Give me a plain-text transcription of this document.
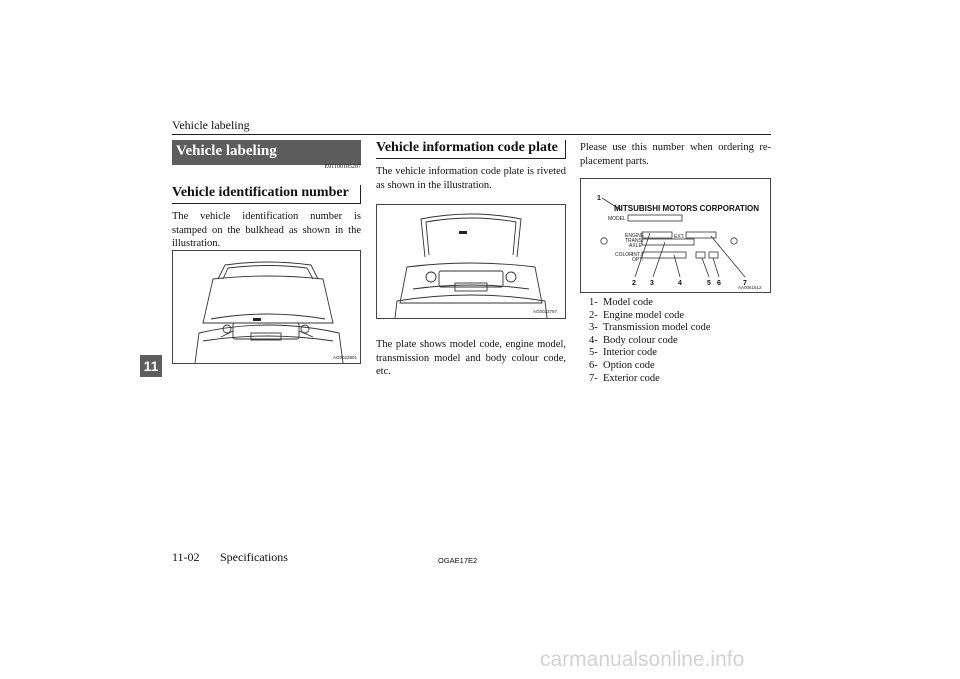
Vehicle labeling
Vehicle labeling
E01100105207
Vehicle identification number
The vehicle identification number is stamped on the bulkhead as shown in the illustration.
AG0023801
Vehicle information code plate
The vehicle information code plate is riveted as shown in the illustration.
AG0023797
The plate shows model code, engine model, transmission model and body colour code, etc.
Please use this number when ordering re- placement parts.
MITSUBISHI MOTORS CORPORATION
MODEL
ENGINE
TRANS.
AXLE
COLOR INT.
OPT.
EXT.
1
2 3	4	5 6	7
AA0061612
1- Model code
2- Engine model code
3- Transmission model code
4- Body colour code
5- Interior code
6- Option code
7- Exterior code
11
11-02 Specifications	OGAE17E2
carmanualsonline.info
